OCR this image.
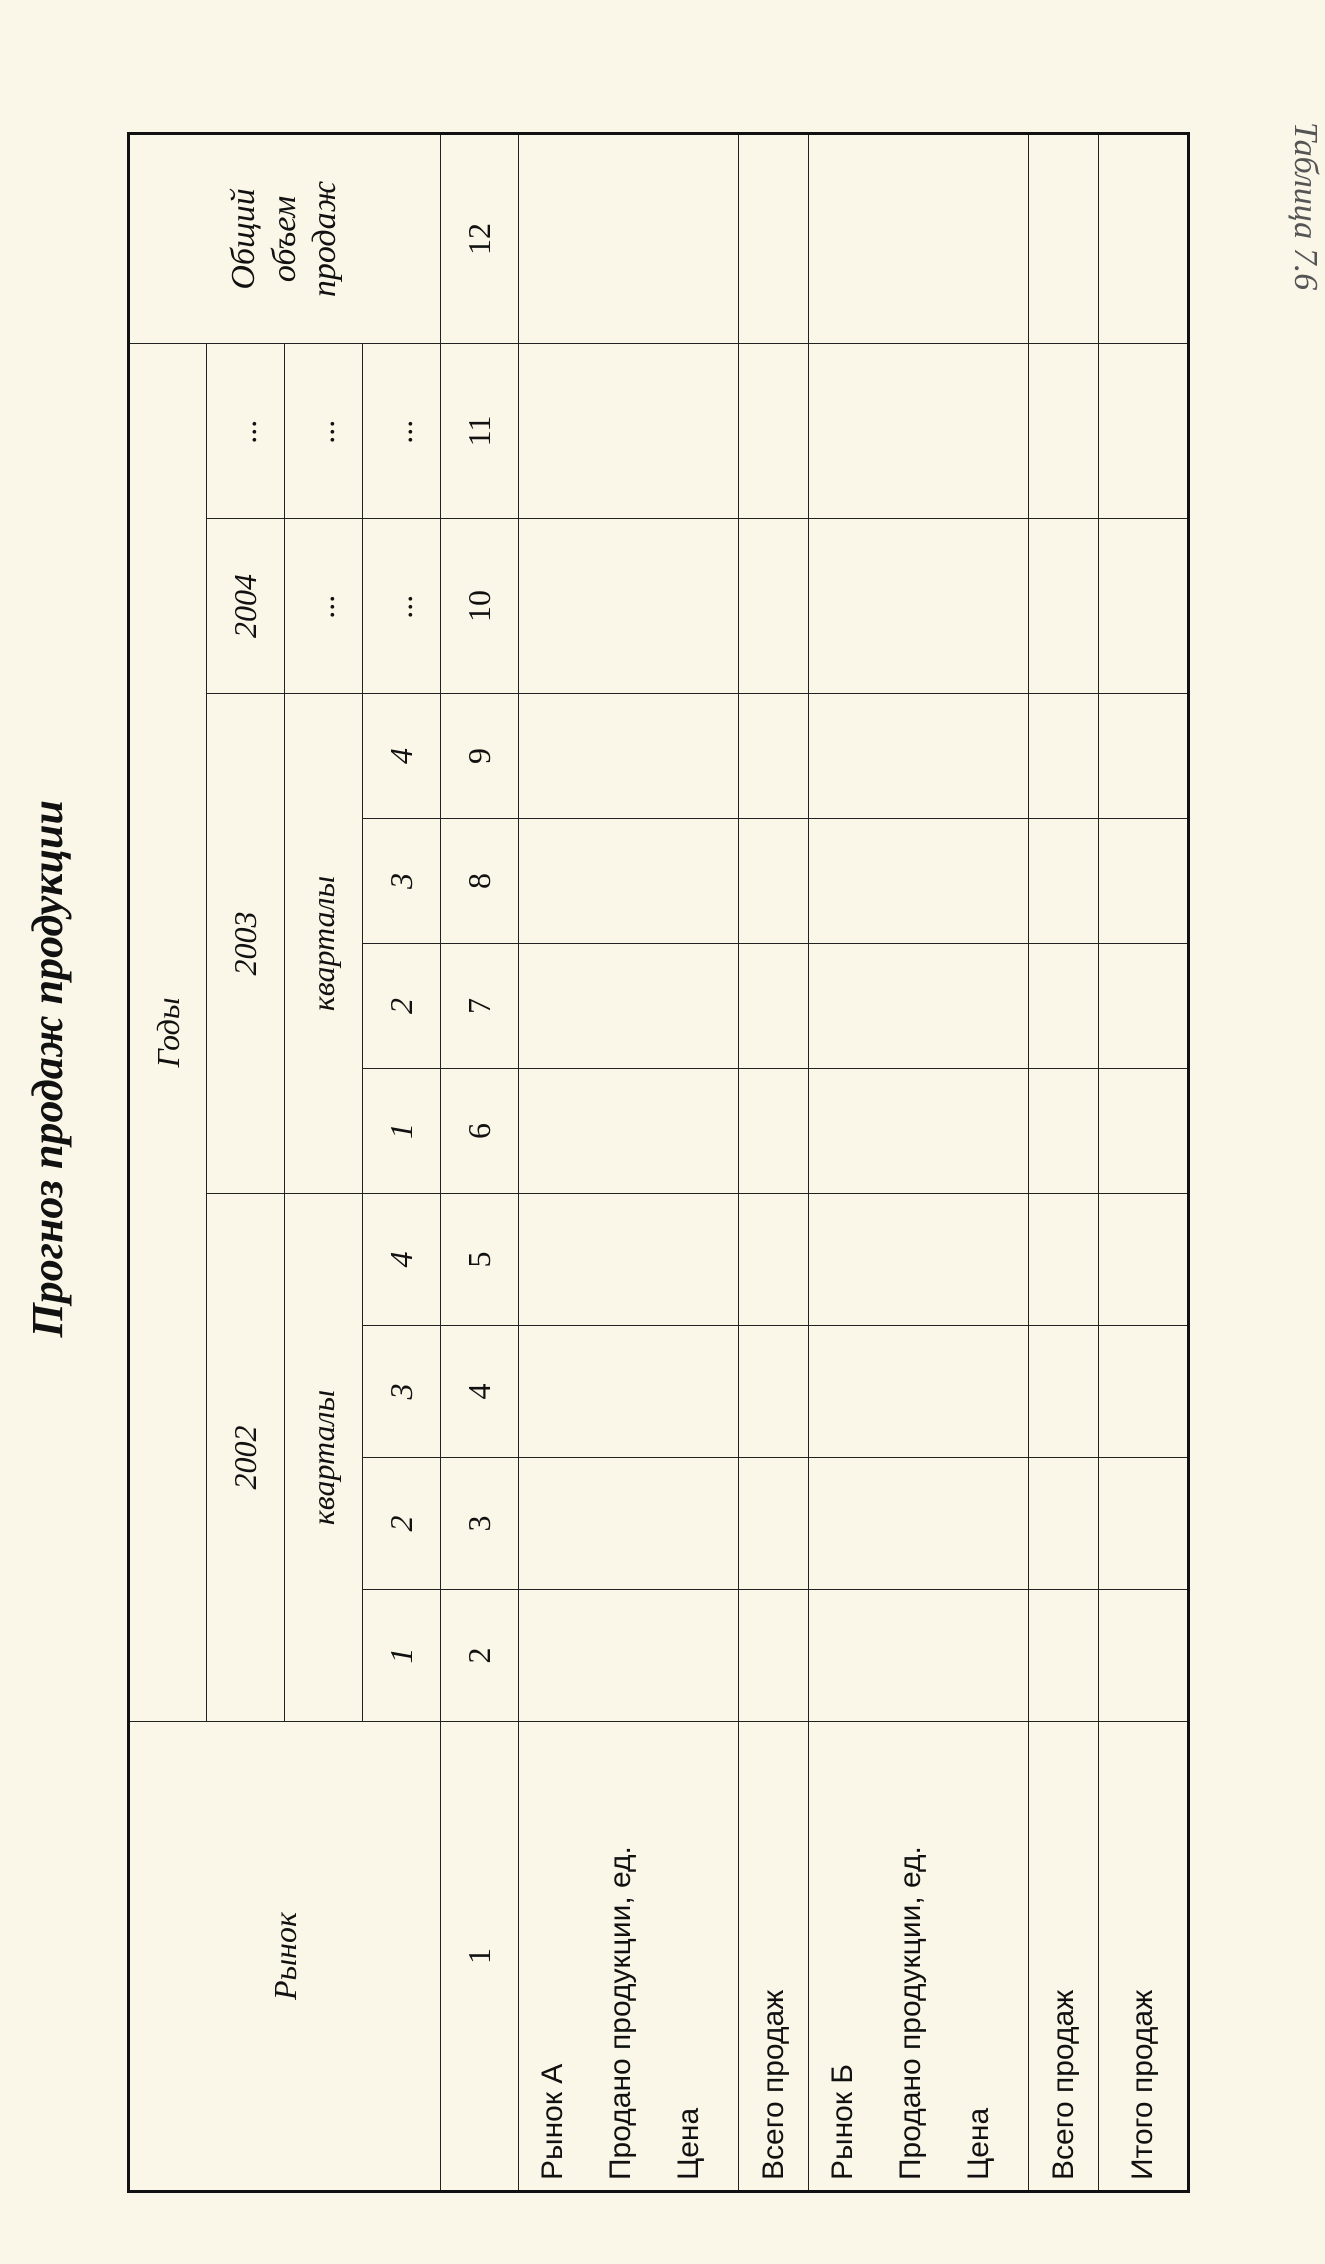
Таблица 7.6
Прогноз продаж продукции
Рынок	Годы										Общий объем продаж

	2002				2003				2004	...	
	кварталы				кварталы				...	...	
	1	2	3	4	1	2	3	4	...	...	
1	2	3	4	5	6	7	8	9	10	11	12

Рынок А Продано продукции, ед. Цена											

Всего продаж											

Рынок Б Продано продукции, ед. Цена											

Всего продаж											
Итого продаж											
